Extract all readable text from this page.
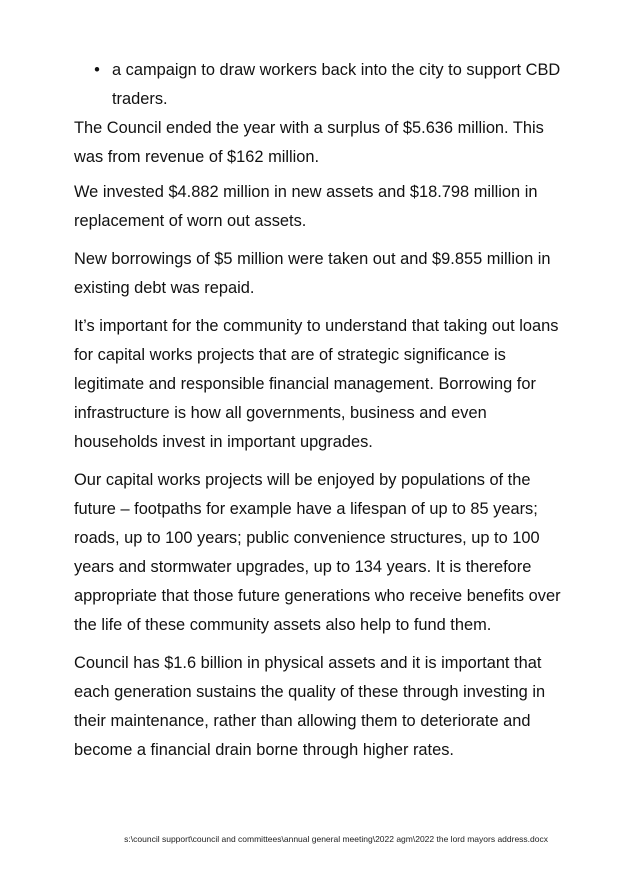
• a campaign to draw workers back into the city to support CBD traders.

The Council ended the year with a surplus of $5.636 million. This was from revenue of $162 million.

We invested $4.882 million in new assets and $18.798 million in replacement of worn out assets.

New borrowings of $5 million were taken out and $9.855 million in existing debt was repaid.

It’s important for the community to understand that taking out loans for capital works projects that are of strategic significance is legitimate and responsible financial management. Borrowing for infrastructure is how all governments, business and even households invest in important upgrades.

Our capital works projects will be enjoyed by populations of the future – footpaths for example have a lifespan of up to 85 years; roads, up to 100 years; public convenience structures, up to 100 years and stormwater upgrades, up to 134 years. It is therefore appropriate that those future generations who receive benefits over the life of these community assets also help to fund them.

Council has $1.6 billion in physical assets and it is important that each generation sustains the quality of these through investing in their maintenance, rather than allowing them to deteriorate and become a financial drain borne through higher rates.

s:\council support\council and committees\annual general meeting\2022 agm\2022 the lord mayors address.docx
